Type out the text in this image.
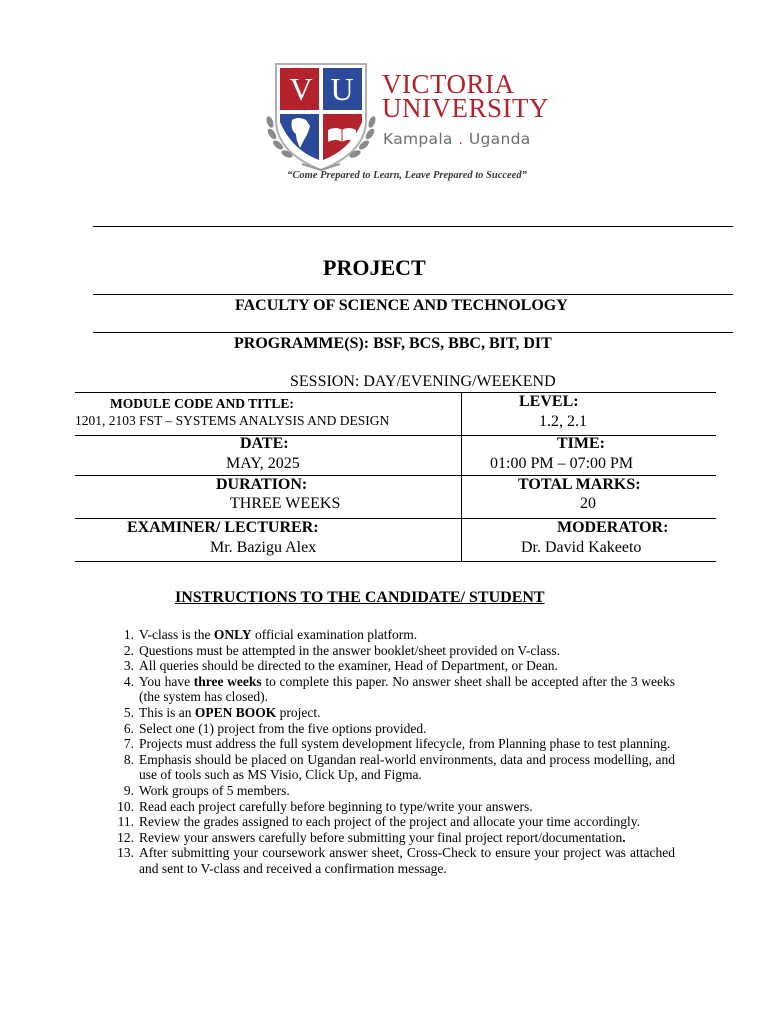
V U VICTORIA
UNIVERSITY
Kampala . Uganda
“Come Prepared to Learn, Leave Prepared to Succeed”
PROJECT
FACULTY OF SCIENCE AND TECHNOLOGY
PROGRAMME(S): BSF, BCS, BBC, BIT, DIT
SESSION: DAY/EVENING/WEEKEND
MODULE CODE AND TITLE:
1201, 2103 FST – SYSTEMS ANALYSIS AND DESIGN
LEVEL:
1.2, 2.1
DATE:
MAY, 2025
TIME:
01:00 PM – 07:00 PM
DURATION:
THREE WEEKS
TOTAL MARKS:
20
EXAMINER/ LECTURER:
Mr. Bazigu Alex
MODERATOR:
Dr. David Kakeeto
INSTRUCTIONS TO THE CANDIDATE/ STUDENT
1. V-class is the ONLY official examination platform.
2. Questions must be attempted in the answer booklet/sheet provided on V-class.
3. All queries should be directed to the examiner, Head of Department, or Dean.
4. You have three weeks to complete this paper. No answer sheet shall be accepted after the 3 weeks (the system has closed).
5. This is an OPEN BOOK project.
6. Select one (1) project from the five options provided.
7. Projects must address the full system development lifecycle, from Planning phase to test planning.
8. Emphasis should be placed on Ugandan real-world environments, data and process modelling, and use of tools such as MS Visio, Click Up, and Figma.
9. Work groups of 5 members.
10. Read each project carefully before beginning to type/write your answers.
11. Review the grades assigned to each project of the project and allocate your time accordingly.
12. Review your answers carefully before submitting your final project report/documentation.
13. After submitting your coursework answer sheet, Cross-Check to ensure your project was attached and sent to V-class and received a confirmation message.
